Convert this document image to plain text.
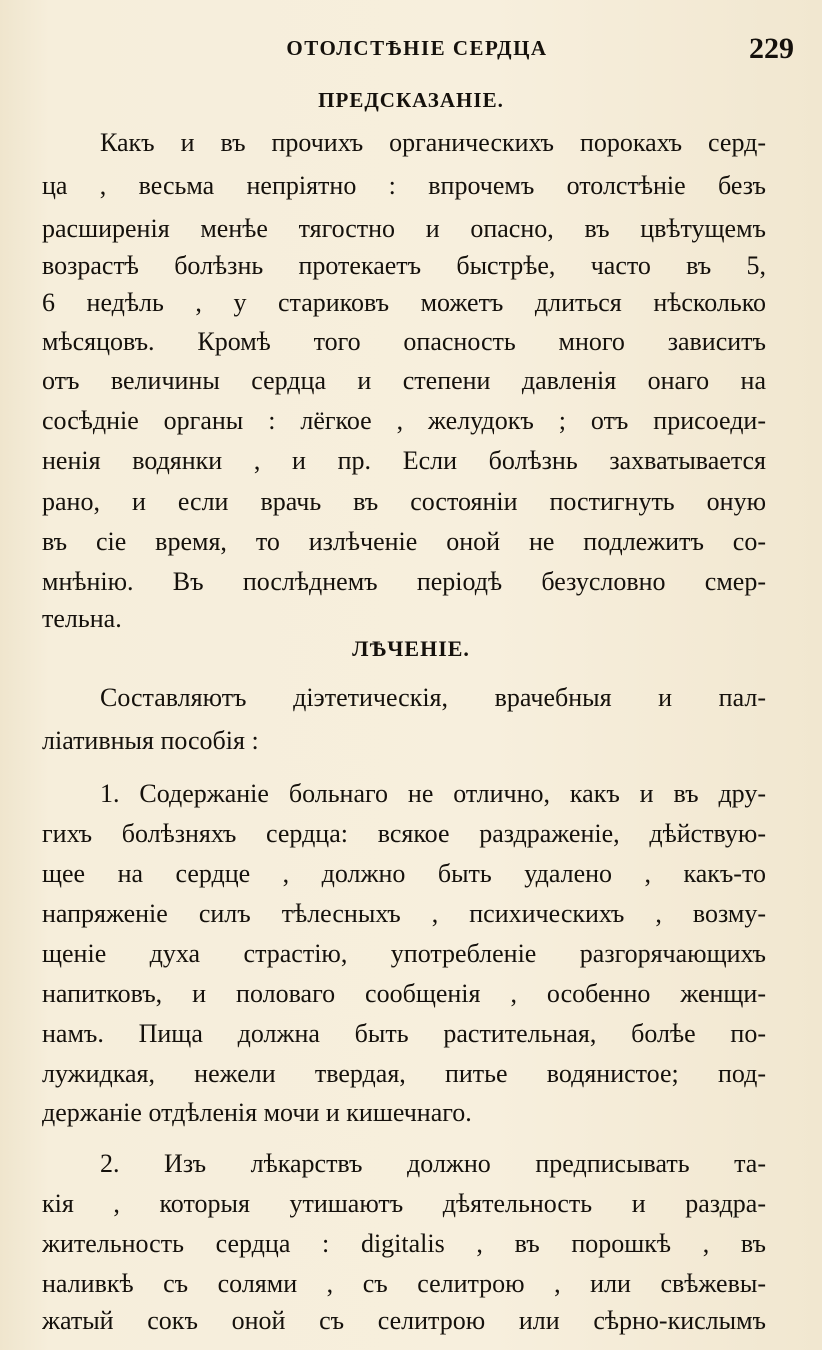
ОТОЛСТѢНІЕ СЕРДЦА	229
ПРЕДСКАЗАНІЕ.
Какъ и въ прочихъ органическихъ порокахъ серд-
ца , весьма непріятно : впрочемъ отолстѣніе безъ
расширенія менѣе тягостно и опасно, въ цвѣтущемъ
возрастѣ болѣзнь протекаетъ быстрѣе, часто въ 5,
6 недѣль , у стариковъ можетъ длиться нѣсколько
мѣсяцовъ. Кромѣ того опасность много зависитъ
отъ величины сердца и степени давленія онаго на
сосѣдніе органы : лёгкое , желудокъ ; отъ присоеди-
ненія водянки , и пр. Если болѣзнь захватывается
рано, и если врачь въ состояніи постигнуть оную
въ сіе время, то излѣченіе оной не подлежитъ со-
мнѣнію. Въ послѣднемъ періодѣ безусловно смер-
тельна.
ЛѢЧЕНІЕ.
Составляютъ діэтетическія, врачебныя и пал-
ліативныя пособія :
1. Содержаніе больнаго не отлично, какъ и въ дру-
гихъ болѣзняхъ сердца: всякое раздраженіе, дѣйствую-
щее на сердце , должно быть удалено , какъ-то
напряженіе силъ тѣлесныхъ , психическихъ , возму-
щеніе духа страстію, употребленіе разгорячающихъ
напитковъ, и половаго сообщенія , особенно женщи-
намъ. Пища должна быть растительная, болѣе по-
лужидкая, нежели твердая, питье водянистое; под-
держаніе отдѣленія мочи и кишечнаго.
2. Изъ лѣкарствъ должно предписывать та-
кія , которыя утишаютъ дѣятельность и раздра-
жительность сердца : digitalis , въ порошкѣ , въ
наливкѣ съ солями , съ селитрою , или свѣжевы-
жатый сокъ оной съ селитрою или сѣрно-кислымъ
